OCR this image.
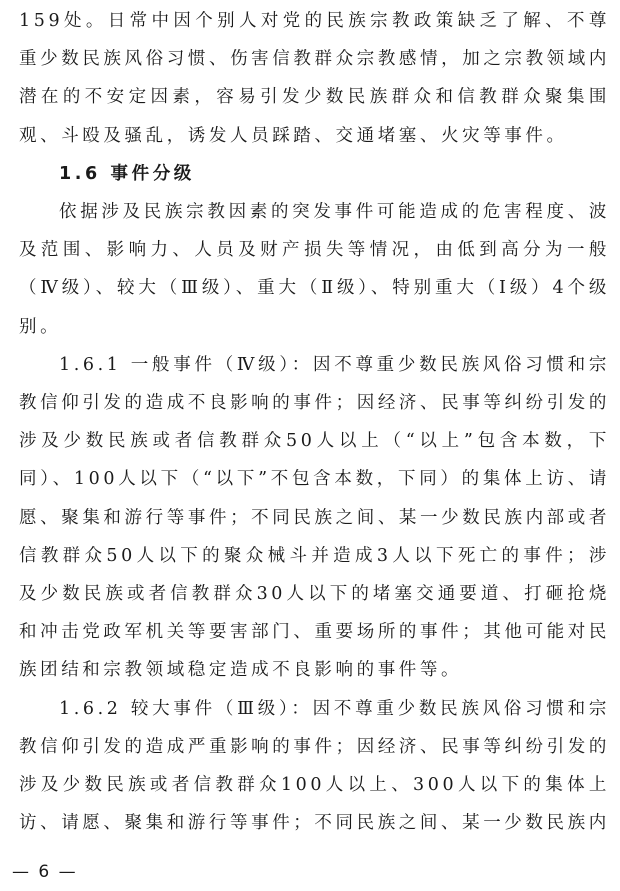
159处。日常中因个别人对党的民族宗教政策缺乏了解、不尊重少数民族风俗习惯、伤害信教群众宗教感情，加之宗教领域内潜在的不安定因素，容易引发少数民族群众和信教群众聚集围观、斗殴及骚乱，诱发人员踩踏、交通堵塞、火灾等事件。

1.6 事件分级

依据涉及民族宗教因素的突发事件可能造成的危害程度、波及范围、影响力、人员及财产损失等情况，由低到高分为一般（Ⅳ级）、较大（Ⅲ级）、重大（Ⅱ级）、特别重大（Ⅰ级）4个级别。

1.6.1 一般事件（Ⅳ级）：因不尊重少数民族风俗习惯和宗教信仰引发的造成不良影响的事件；因经济、民事等纠纷引发的涉及少数民族或者信教群众50人以上（“以上”包含本数，下同）、100人以下（“以下”不包含本数，下同）的集体上访、请愿、聚集和游行等事件；不同民族之间、某一少数民族内部或者信教群众50人以下的聚众械斗并造成3人以下死亡的事件；涉及少数民族或者信教群众30人以下的堵塞交通要道、打砸抢烧和冲击党政军机关等要害部门、重要场所的事件；其他可能对民族团结和宗教领域稳定造成不良影响的事件等。

1.6.2 较大事件（Ⅲ级）：因不尊重少数民族风俗习惯和宗教信仰引发的造成严重影响的事件；因经济、民事等纠纷引发的涉及少数民族或者信教群众100人以上、300人以下的集体上访、请愿、聚集和游行等事件；不同民族之间、某一少数民族内

— 6 —
